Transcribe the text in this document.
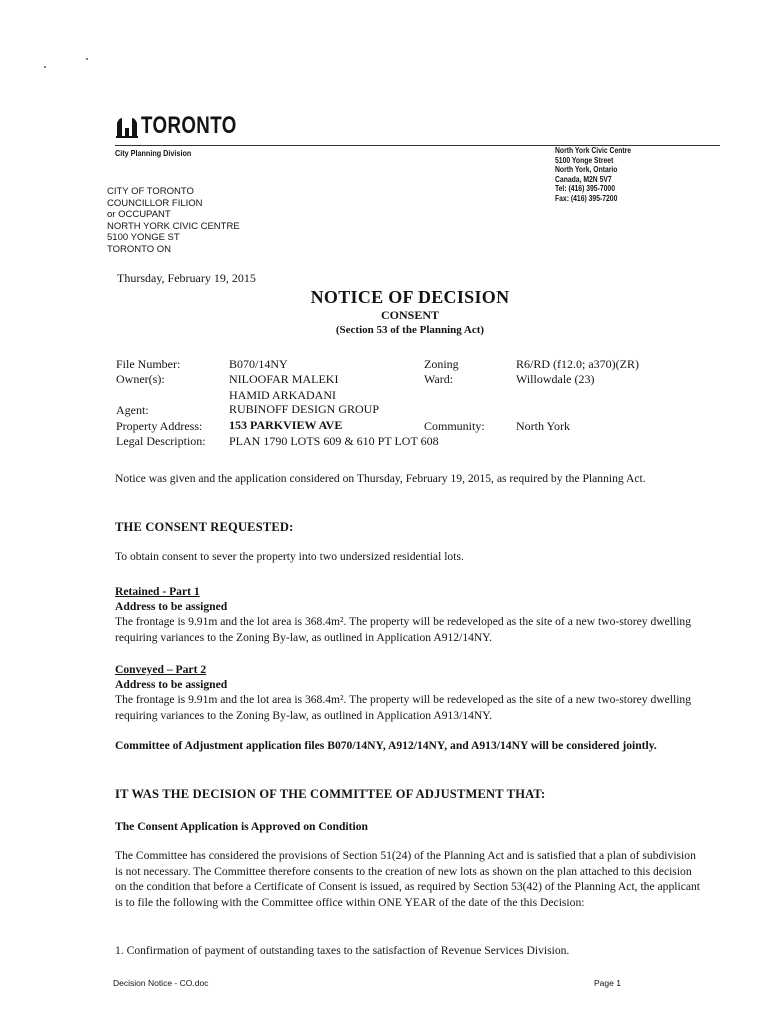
TORONTO
City Planning Division	North York Civic Centre
5100 Yonge Street
North York, Ontario
Canada, M2N 5V7
Tel: (416) 395-7000
Fax: (416) 395-7200
CITY OF TORONTO
COUNCILLOR FILION
or OCCUPANT
NORTH YORK CIVIC CENTRE
5100 YONGE ST
TORONTO ON
Thursday, February 19, 2015
NOTICE OF DECISION
CONSENT
(Section 53 of the Planning Act)
File Number:	B070/14NY	Zoning	R6/RD (f12.0; a370)(ZR)
Owner(s):	NILOOFAR MALEKI	Ward:	Willowdale (23)
HAMID ARKADANI
Agent:	RUBINOFF DESIGN GROUP
Property Address: 153 PARKVIEW AVE	Community:	North York
Legal Description: PLAN 1790 LOTS 609 & 610 PT LOT 608
Notice was given and the application considered on Thursday, February 19, 2015, as required by the Planning Act.
THE CONSENT REQUESTED:
To obtain consent to sever the property into two undersized residential lots.
Retained - Part 1
Address to be assigned
The frontage is 9.91m and the lot area is 368.4m². The property will be redeveloped as the site of a new two-storey dwelling requiring variances to the Zoning By-law, as outlined in Application A912/14NY.
Conveyed – Part 2
Address to be assigned
The frontage is 9.91m and the lot area is 368.4m². The property will be redeveloped as the site of a new two-storey dwelling requiring variances to the Zoning By-law, as outlined in Application A913/14NY.
Committee of Adjustment application files B070/14NY, A912/14NY, and A913/14NY will be considered jointly.
IT WAS THE DECISION OF THE COMMITTEE OF ADJUSTMENT THAT:
The Consent Application is Approved on Condition
The Committee has considered the provisions of Section 51(24) of the Planning Act and is satisfied that a plan of subdivision is not necessary. The Committee therefore consents to the creation of new lots as shown on the plan attached to this decision on the condition that before a Certificate of Consent is issued, as required by Section 53(42) of the Planning Act, the applicant is to file the following with the Committee office within ONE YEAR of the date of the this Decision:
1. Confirmation of payment of outstanding taxes to the satisfaction of Revenue Services Division.
Decision Notice - CO.doc	Page 1
